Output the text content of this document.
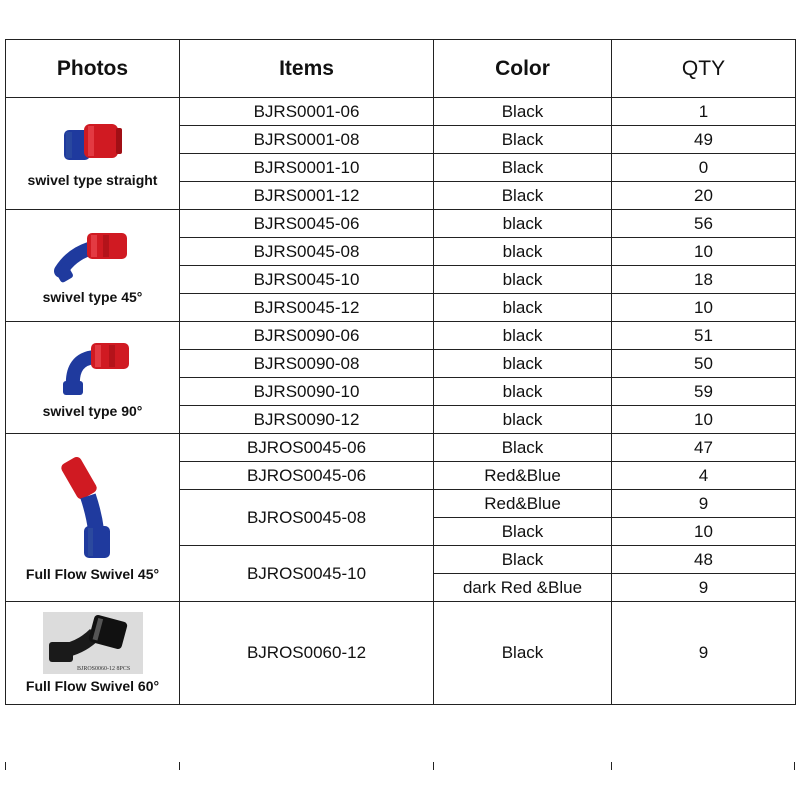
Photos	Items	Color	QTY

swivel type straight	BJRS0001-06	Black	1
	BJRS0001-08	Black	49
	BJRS0001-10	Black	0
	BJRS0001-12	Black	20

swivel type 45°	BJRS0045-06	black	56
	BJRS0045-08	black	10
	BJRS0045-10	black	18
	BJRS0045-12	black	10

swivel type 90°	BJRS0090-06	black	51
	BJRS0090-08	black	50
	BJRS0090-10	black	59
	BJRS0090-12	black	10

Full Flow Swivel 45°	BJROS0045-06	Black	47
	BJROS0045-06	Red&Blue	4
	BJROS0045-08	Red&Blue	9
		Black	10
	BJROS0045-10	Black	48
		dark Red &Blue	9

BJROS0060-12 8PCS
Full Flow Swivel 60°	BJROS0060-12	Black	9
